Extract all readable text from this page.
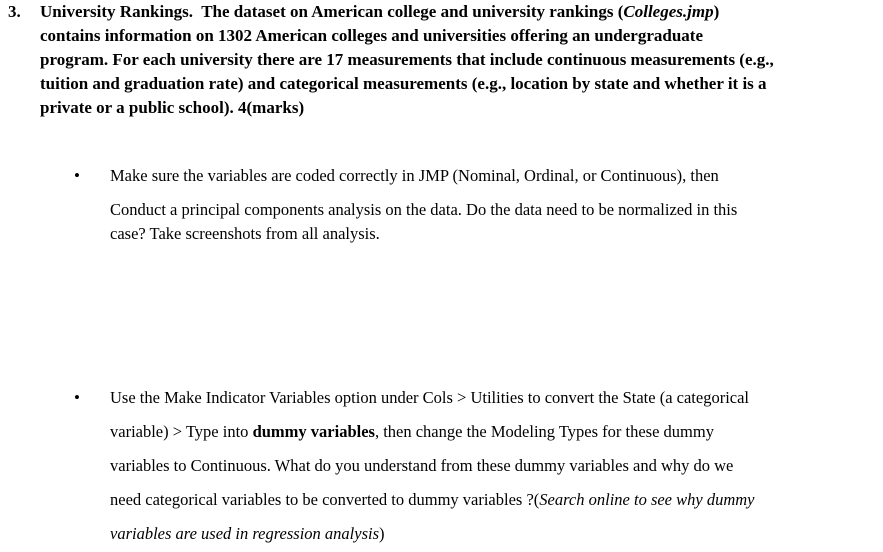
3.	University Rankings.  The dataset on American college and university rankings (Colleges.jmp)
contains information on 1302 American colleges and universities offering an undergraduate
program. For each university there are 17 measurements that include continuous measurements (e.g.,
tuition and graduation rate) and categorical measurements (e.g., location by state and whether it is a
private or a public school). 4(marks)
•	Make sure the variables are coded correctly in JMP (Nominal, Ordinal, or Continuous), then
Conduct a principal components analysis on the data. Do the data need to be normalized in this
case? Take screenshots from all analysis.
•	Use the Make Indicator Variables option under Cols > Utilities to convert the State (a categorical
variable) > Type into dummy variables, then change the Modeling Types for these dummy
variables to Continuous. What do you understand from these dummy variables and why do we
need categorical variables to be converted to dummy variables ?(Search online to see why dummy
variables are used in regression analysis)
